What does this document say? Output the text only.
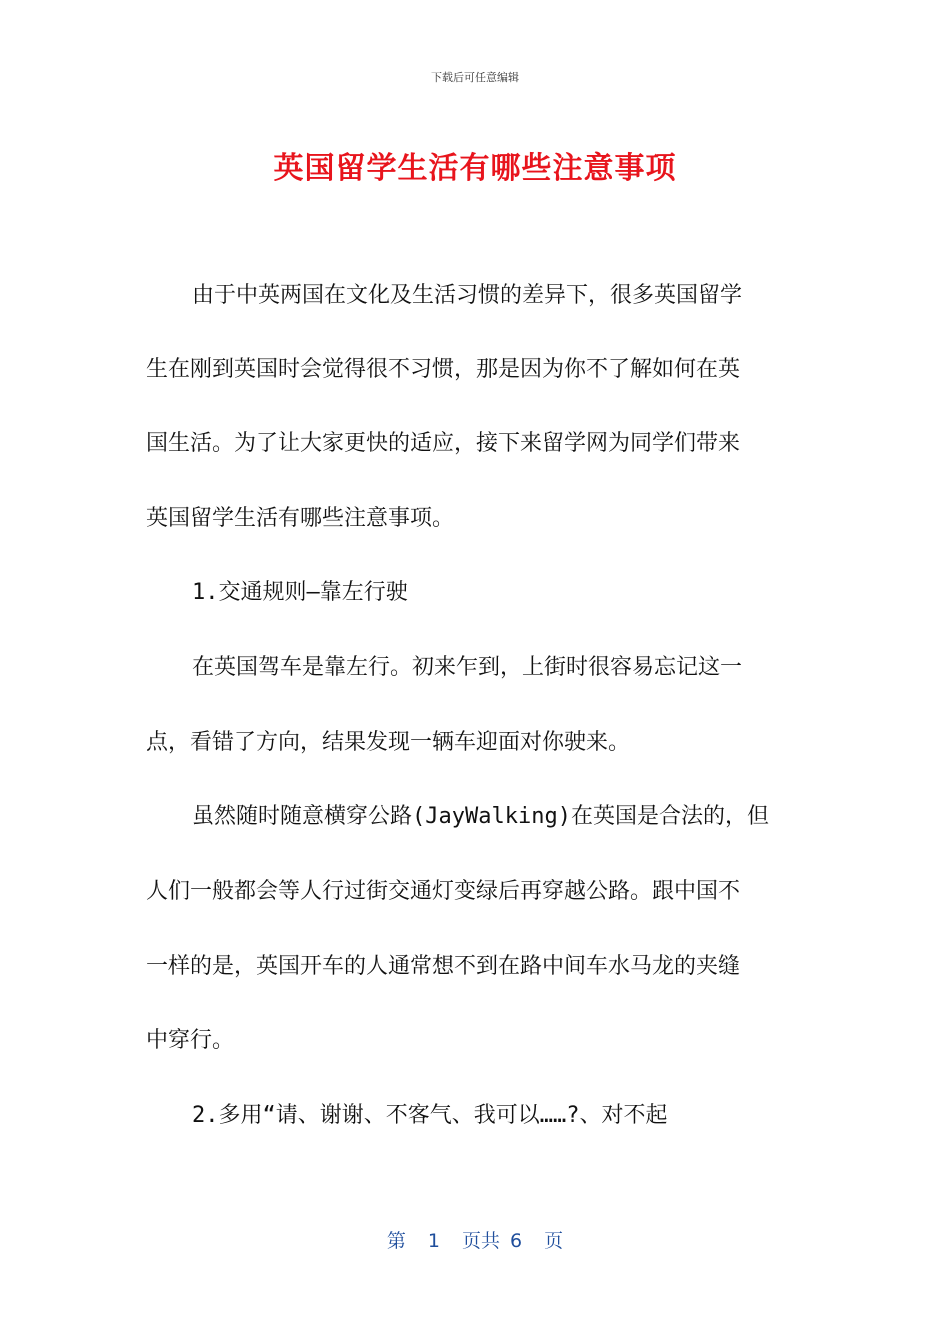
下载后可任意编辑
英国留学生活有哪些注意事项
由于中英两国在文化及生活习惯的差异下，很多英国留学
生在刚到英国时会觉得很不习惯，那是因为你不了解如何在英
国生活。为了让大家更快的适应，接下来留学网为同学们带来
英国留学生活有哪些注意事项。
1.交通规则—靠左行驶
在英国驾车是靠左行。初来乍到，上街时很容易忘记这一
点，看错了方向，结果发现一辆车迎面对你驶来。
虽然随时随意横穿公路(JayWalking)在英国是合法的，但
人们一般都会等人行过街交通灯变绿后再穿越公路。跟中国不
一样的是，英国开车的人通常想不到在路中间车水马龙的夹缝
中穿行。
2.多用“请、谢谢、不客气、我可以……?、对不起
第 1 页共 6 页
